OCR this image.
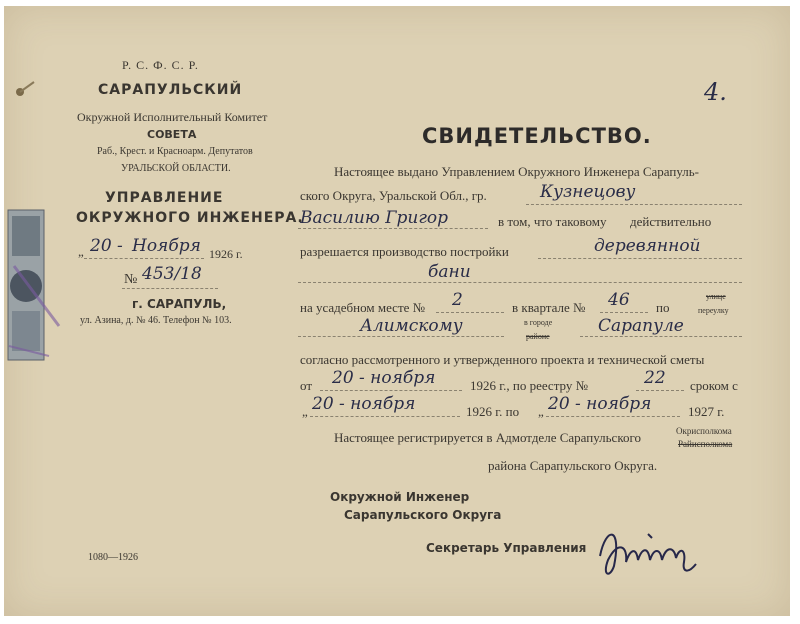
4.
Р. С. Ф. С. Р.
САРАПУЛЬСКИЙ
Окружной Исполнительный Комитет
СОВЕТА
Раб., Крест. и Красноарм. Депутатов
УРАЛЬСКОЙ ОБЛАСТИ.
УПРАВЛЕНИЕ
ОКРУЖНОГО ИНЖЕНЕРА.
„ 20 - Ноября 1926 г.
№ 453/18
г. САРАПУЛЬ,
ул. Азина, д. № 46. Телефон № 103.
СВИДЕТЕЛЬСТВО.
Настоящее выдано Управлением Окружного Инженера Сарапуль-
ского Округа, Уральской Обл., гр.	Кузнецову
Василию Григор	в том, что таковому действительно
разрешается производство постройки	деревянной
бани
на усадебном месте № 2	в квартале № 46 по
улице
переулку
Алимскому	в городе
районе
Сарапуле
согласно рассмотренного и утвержденного проекта и технической сметы
от 20 - ноября	1926 г., по реестру №	22 сроком с
„ 20 - ноября	1926 г. по „ 20 - ноября	1927 г.
Настоящее регистрируется в Адмотделе Сарапульского	Окрисполкома
Райисполкома
района Сарапульского Округа.
Окружной Инженер
Сарапульского Округа
Секретарь Управления
1080—1926
